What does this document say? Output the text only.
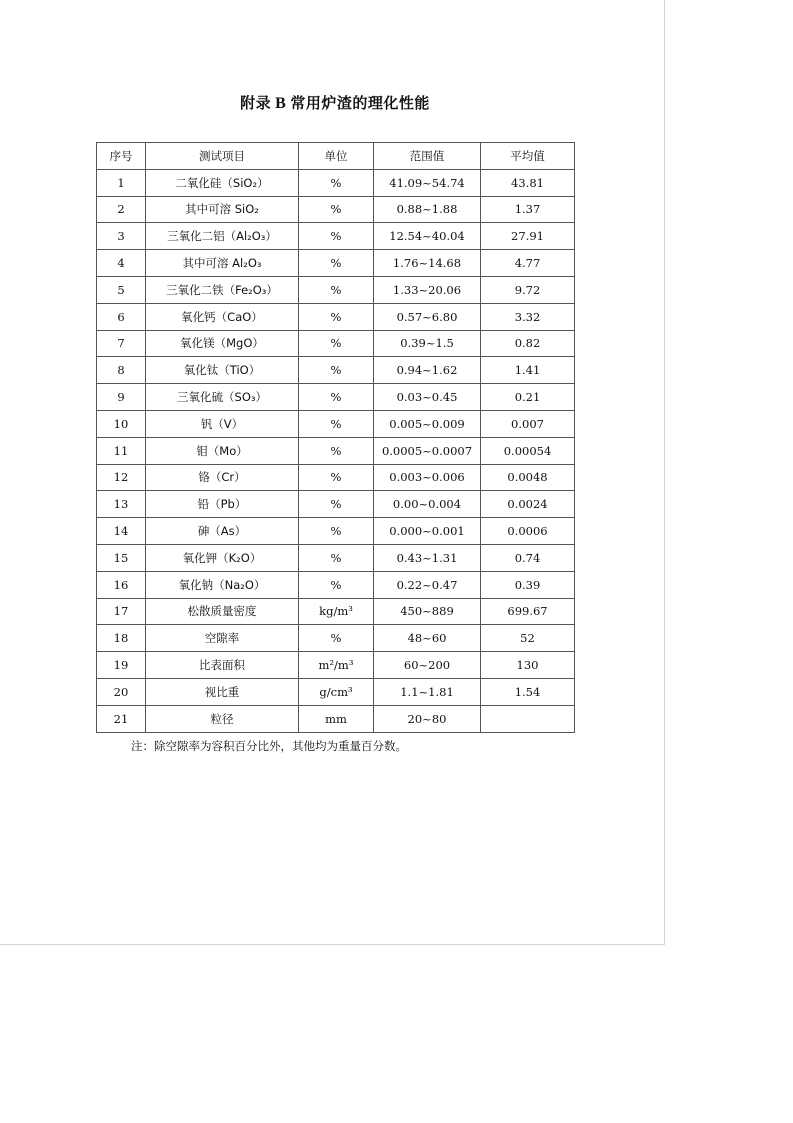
附录 B 常用炉渣的理化性能
序号	测试项目	单位	范围值	平均值
1	二氧化硅（SiO₂）	%	41.09~54.74	43.81
2	其中可溶 SiO₂	%	0.88~1.88	1.37
3	三氧化二铝（Al₂O₃）	%	12.54~40.04	27.91
4	其中可溶 Al₂O₃	%	1.76~14.68	4.77
5	三氧化二铁（Fe₂O₃）	%	1.33~20.06	9.72
6	氧化钙（CaO）	%	0.57~6.80	3.32
7	氧化镁（MgO）	%	0.39~1.5	0.82
8	氧化钛（TiO）	%	0.94~1.62	1.41
9	三氧化硫（SO₃）	%	0.03~0.45	0.21
10	钒（V）	%	0.005~0.009	0.007
11	钼（Mo）	%	0.0005~0.0007	0.00054
12	铬（Cr）	%	0.003~0.006	0.0048
13	铅（Pb）	%	0.00~0.004	0.0024
14	砷（As）	%	0.000~0.001	0.0006
15	氧化钾（K₂O）	%	0.43~1.31	0.74
16	氧化钠（Na₂O）	%	0.22~0.47	0.39
17	松散质量密度	kg/m³	450~889	699.67
18	空隙率	%	48~60	52
19	比表面积	m²/m³	60~200	130
20	视比重	g/cm³	1.1~1.81	1.54
21	粒径	mm	20~80	
注：除空隙率为容积百分比外，其他均为重量百分数。
